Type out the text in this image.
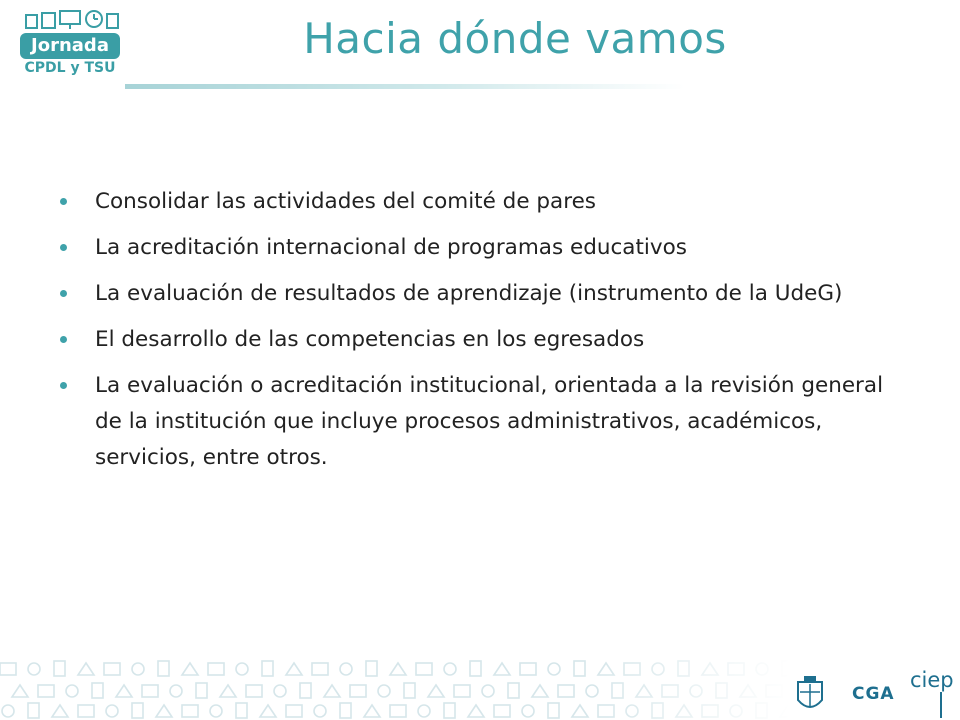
Jornada
CPDL y TSU
Hacia dónde vamos
Consolidar las actividades del comité de pares
La acreditación internacional de programas educativos
La evaluación de resultados de aprendizaje (instrumento de la UdeG)
El desarrollo de las competencias en los egresados
La evaluación o acreditación institucional, orientada a la revisión general de la institución que incluye procesos administrativos, académicos, servicios, entre otros.
CGA
ciep
